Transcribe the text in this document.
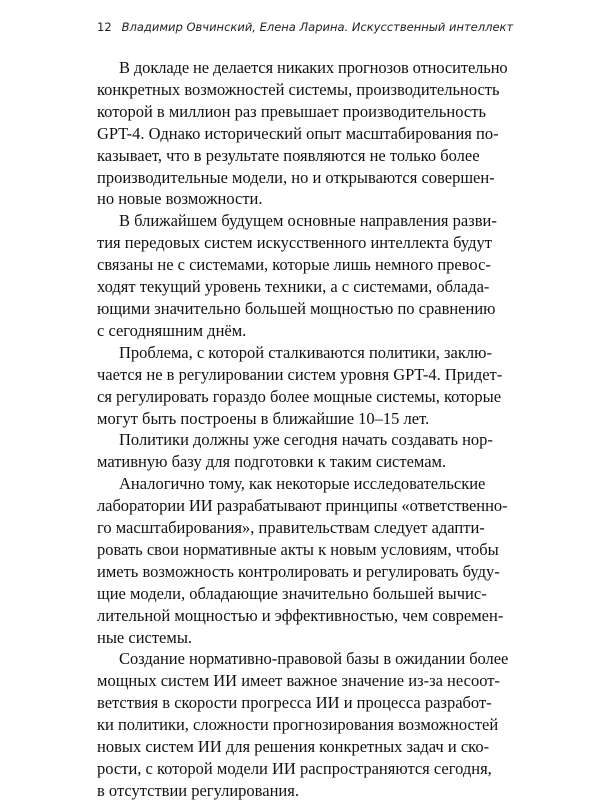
12 Владимир Овчинский, Елена Ларина. Искусственный интеллект
В докладе не делается никаких прогнозов относительно
конкретных возможностей системы, производительность
которой в миллион раз превышает производительность
GPT-4. Однако исторический опыт масштабирования по-
казывает, что в результате появляются не только более
производительные модели, но и открываются совершен-
но новые возможности.
В ближайшем будущем основные направления разви-
тия передовых систем искусственного интеллекта будут
связаны не с системами, которые лишь немного превос-
ходят текущий уровень техники, а с системами, облада-
ющими значительно большей мощностью по сравнению
с сегодняшним днём.
Проблема, с которой сталкиваются политики, заклю-
чается не в регулировании систем уровня GPT-4. Придет-
ся регулировать гораздо более мощные системы, которые
могут быть построены в ближайшие 10–15 лет.
Политики должны уже сегодня начать создавать нор-
мативную базу для подготовки к таким системам.
Аналогично тому, как некоторые исследовательские
лаборатории ИИ разрабатывают принципы «ответственно-
го масштабирования», правительствам следует адапти-
ровать свои нормативные акты к новым условиям, чтобы
иметь возможность контролировать и регулировать буду-
щие модели, обладающие значительно большей вычис-
лительной мощностью и эффективностью, чем современ-
ные системы.
Создание нормативно-правовой базы в ожидании более
мощных систем ИИ имеет важное значение из-за несоот-
ветствия в скорости прогресса ИИ и процесса разработ-
ки политики, сложности прогнозирования возможностей
новых систем ИИ для решения конкретных задач и ско-
рости, с которой модели ИИ распространяются сегодня,
в отсутствии регулирования.
